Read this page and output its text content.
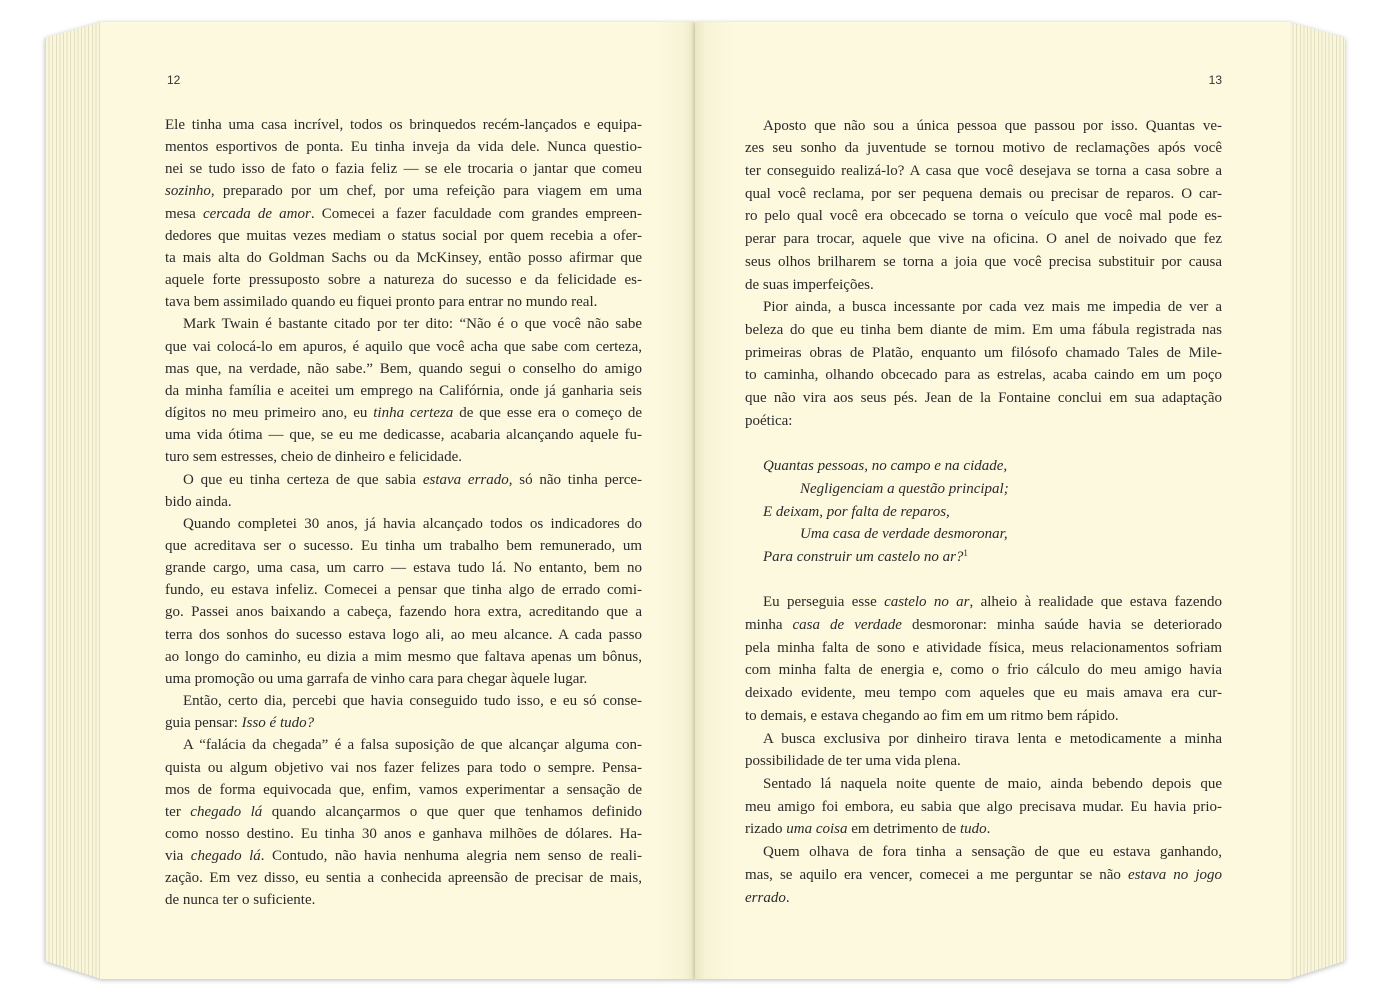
12
Ele tinha uma casa incrível, todos os brinquedos recém-lançados e equipa-
mentos esportivos de ponta. Eu tinha inveja da vida dele. Nunca questio-
nei se tudo isso de fato o fazia feliz — se ele trocaria o jantar que comeu
sozinho, preparado por um chef, por uma refeição para viagem em uma
mesa cercada de amor. Comecei a fazer faculdade com grandes empreen-
dedores que muitas vezes mediam o status social por quem recebia a ofer-
ta mais alta do Goldman Sachs ou da McKinsey, então posso afirmar que
aquele forte pressuposto sobre a natureza do sucesso e da felicidade es-
tava bem assimilado quando eu fiquei pronto para entrar no mundo real.
Mark Twain é bastante citado por ter dito: “Não é o que você não sabe
que vai colocá-lo em apuros, é aquilo que você acha que sabe com certeza,
mas que, na verdade, não sabe.” Bem, quando segui o conselho do amigo
da minha família e aceitei um emprego na Califórnia, onde já ganharia seis
dígitos no meu primeiro ano, eu tinha certeza de que esse era o começo de
uma vida ótima — que, se eu me dedicasse, acabaria alcançando aquele fu-
turo sem estresses, cheio de dinheiro e felicidade.
O que eu tinha certeza de que sabia estava errado, só não tinha perce-
bido ainda.
Quando completei 30 anos, já havia alcançado todos os indicadores do
que acreditava ser o sucesso. Eu tinha um trabalho bem remunerado, um
grande cargo, uma casa, um carro — estava tudo lá. No entanto, bem no
fundo, eu estava infeliz. Comecei a pensar que tinha algo de errado comi-
go. Passei anos baixando a cabeça, fazendo hora extra, acreditando que a
terra dos sonhos do sucesso estava logo ali, ao meu alcance. A cada passo
ao longo do caminho, eu dizia a mim mesmo que faltava apenas um bônus,
uma promoção ou uma garrafa de vinho cara para chegar àquele lugar.
Então, certo dia, percebi que havia conseguido tudo isso, e eu só conse-
guia pensar: Isso é tudo?
A “falácia da chegada” é a falsa suposição de que alcançar alguma con-
quista ou algum objetivo vai nos fazer felizes para todo o sempre. Pensa-
mos de forma equivocada que, enfim, vamos experimentar a sensação de
ter chegado lá quando alcançarmos o que quer que tenhamos definido
como nosso destino. Eu tinha 30 anos e ganhava milhões de dólares. Ha-
via chegado lá. Contudo, não havia nenhuma alegria nem senso de reali-
zação. Em vez disso, eu sentia a conhecida apreensão de precisar de mais,
de nunca ter o suficiente.
13
Aposto que não sou a única pessoa que passou por isso. Quantas ve-
zes seu sonho da juventude se tornou motivo de reclamações após você
ter conseguido realizá-lo? A casa que você desejava se torna a casa sobre a
qual você reclama, por ser pequena demais ou precisar de reparos. O car-
ro pelo qual você era obcecado se torna o veículo que você mal pode es-
perar para trocar, aquele que vive na oficina. O anel de noivado que fez
seus olhos brilharem se torna a joia que você precisa substituir por causa
de suas imperfeições.
Pior ainda, a busca incessante por cada vez mais me impedia de ver a
beleza do que eu tinha bem diante de mim. Em uma fábula registrada nas
primeiras obras de Platão, enquanto um filósofo chamado Tales de Mile-
to caminha, olhando obcecado para as estrelas, acaba caindo em um poço
que não vira aos seus pés. Jean de la Fontaine conclui em sua adaptação
poética:
Quantas pessoas, no campo e na cidade,
Negligenciam a questão principal;
E deixam, por falta de reparos,
Uma casa de verdade desmoronar,
Para construir um castelo no ar?$^1$
Eu perseguia esse castelo no ar, alheio à realidade que estava fazendo
minha casa de verdade desmoronar: minha saúde havia se deteriorado
pela minha falta de sono e atividade física, meus relacionamentos sofriam
com minha falta de energia e, como o frio cálculo do meu amigo havia
deixado evidente, meu tempo com aqueles que eu mais amava era cur-
to demais, e estava chegando ao fim em um ritmo bem rápido.
A busca exclusiva por dinheiro tirava lenta e metodicamente a minha
possibilidade de ter uma vida plena.
Sentado lá naquela noite quente de maio, ainda bebendo depois que
meu amigo foi embora, eu sabia que algo precisava mudar. Eu havia prio-
rizado uma coisa em detrimento de tudo.
Quem olhava de fora tinha a sensação de que eu estava ganhando,
mas, se aquilo era vencer, comecei a me perguntar se não estava no jogo
errado.
